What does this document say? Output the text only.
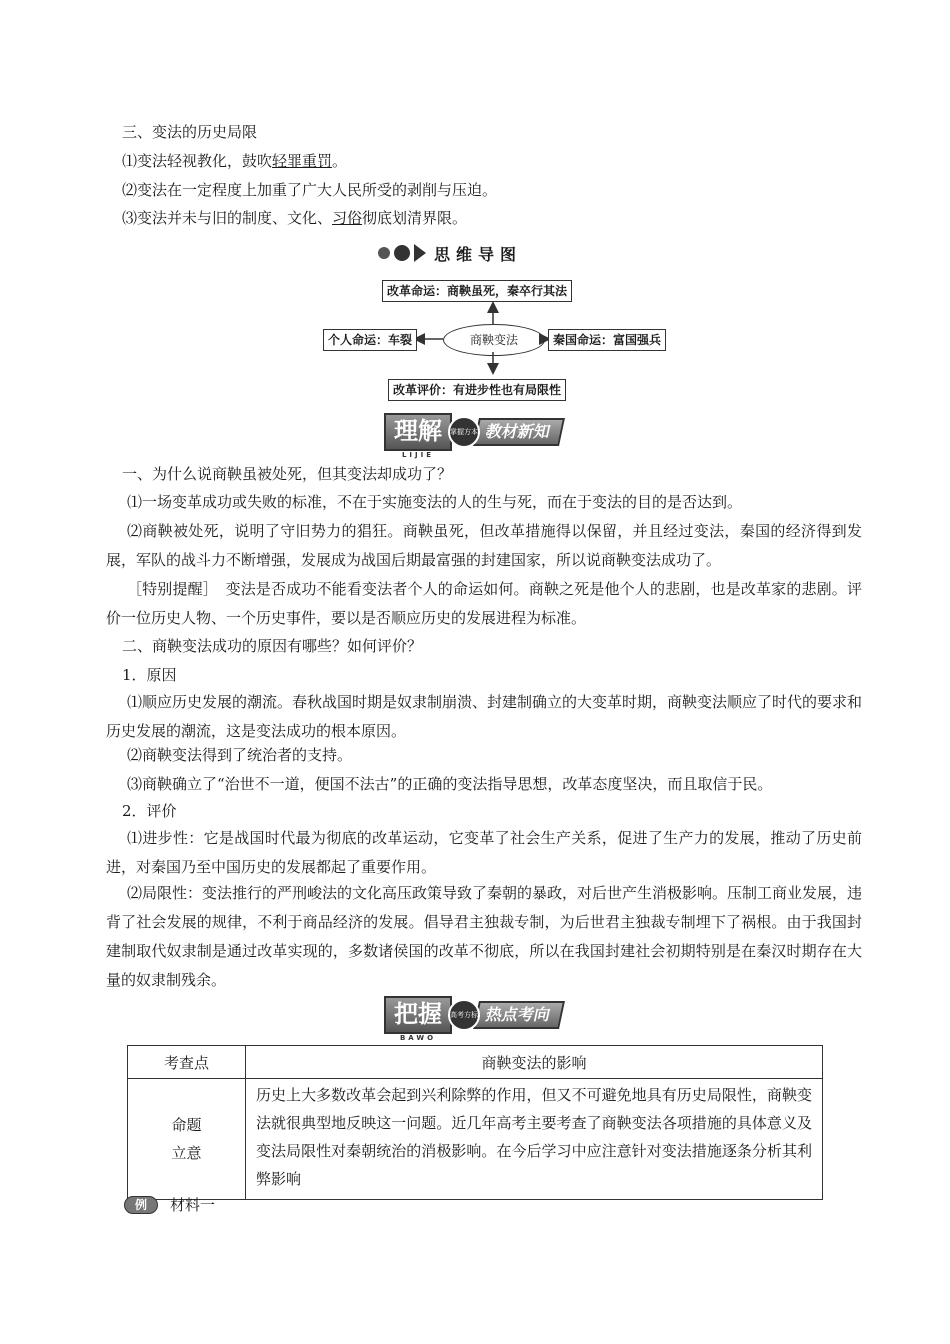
三、变法的历史局限
⑴变法轻视教化，鼓吹轻罪重罚。
⑵变法在一定程度上加重了广大人民所受的剥削与压迫。
⑶变法并未与旧的制度、文化、习俗彻底划清界限。
思维导图
改革命运：商鞅虽死，秦卒行其法
商鞅变法
个人命运：车裂	秦国命运：富国强兵
改革评价：有进步性也有局限性
理解
LIJIE
掌握方本 教材新知
一、为什么说商鞅虽被处死，但其变法却成功了？
⑴一场变革成功或失败的标准，不在于实施变法的人的生与死，而在于变法的目的是否达到。
⑵商鞅被处死，说明了守旧势力的猖狂。商鞅虽死，但改革措施得以保留，并且经过变法，秦国的经济得到发展，军队的战斗力不断增强，发展成为战国后期最富强的封建国家，所以说商鞅变法成功了。
［特别提醒］　 变法是否成功不能看变法者个人的命运如何。商鞅之死是他个人的悲剧，也是改革家的悲剧。评价一位历史人物、一个历史事件，要以是否顺应历史的发展进程为标准。
二、商鞅变法成功的原因有哪些？如何评价？
1．原因
⑴顺应历史发展的潮流。春秋战国时期是奴隶制崩溃、封建制确立的大变革时期，商鞅变法顺应了时代的要求和历史发展的潮流，这是变法成功的根本原因。
⑵商鞅变法得到了统治者的支持。
⑶商鞅确立了“治世不一道，便国不法古”的正确的变法指导思想，改革态度坚决，而且取信于民。
2．评价
⑴进步性：它是战国时代最为彻底的改革运动，它变革了社会生产关系，促进了生产力的发展，推动了历史前进，对秦国乃至中国历史的发展都起了重要作用。
⑵局限性：变法推行的严刑峻法的文化高压政策导致了秦朝的暴政，对后世产生消极影响。压制工商业发展，违背了社会发展的规律，不利于商品经济的发展。倡导君主独裁专制，为后世君主独裁专制埋下了祸根。由于我国封建制取代奴隶制是通过改革实现的，多数诸侯国的改革不彻底，所以在我国封建社会初期特别是在秦汉时期存在大量的奴隶制残余。
把握
BAWO
高考方标 热点考向
考查点	商鞅变法的影响

命题
立意	历史上大多数改革会起到兴利除弊的作用，但又不可避免地具有历史局限性，商鞅变法就很典型地反映这一问题。近几年高考主要考查了商鞅变法各项措施的具体意义及变法局限性对秦朝统治的消极影响。在今后学习中应注意针对变法措施逐条分析其利弊影响
例	材料一
